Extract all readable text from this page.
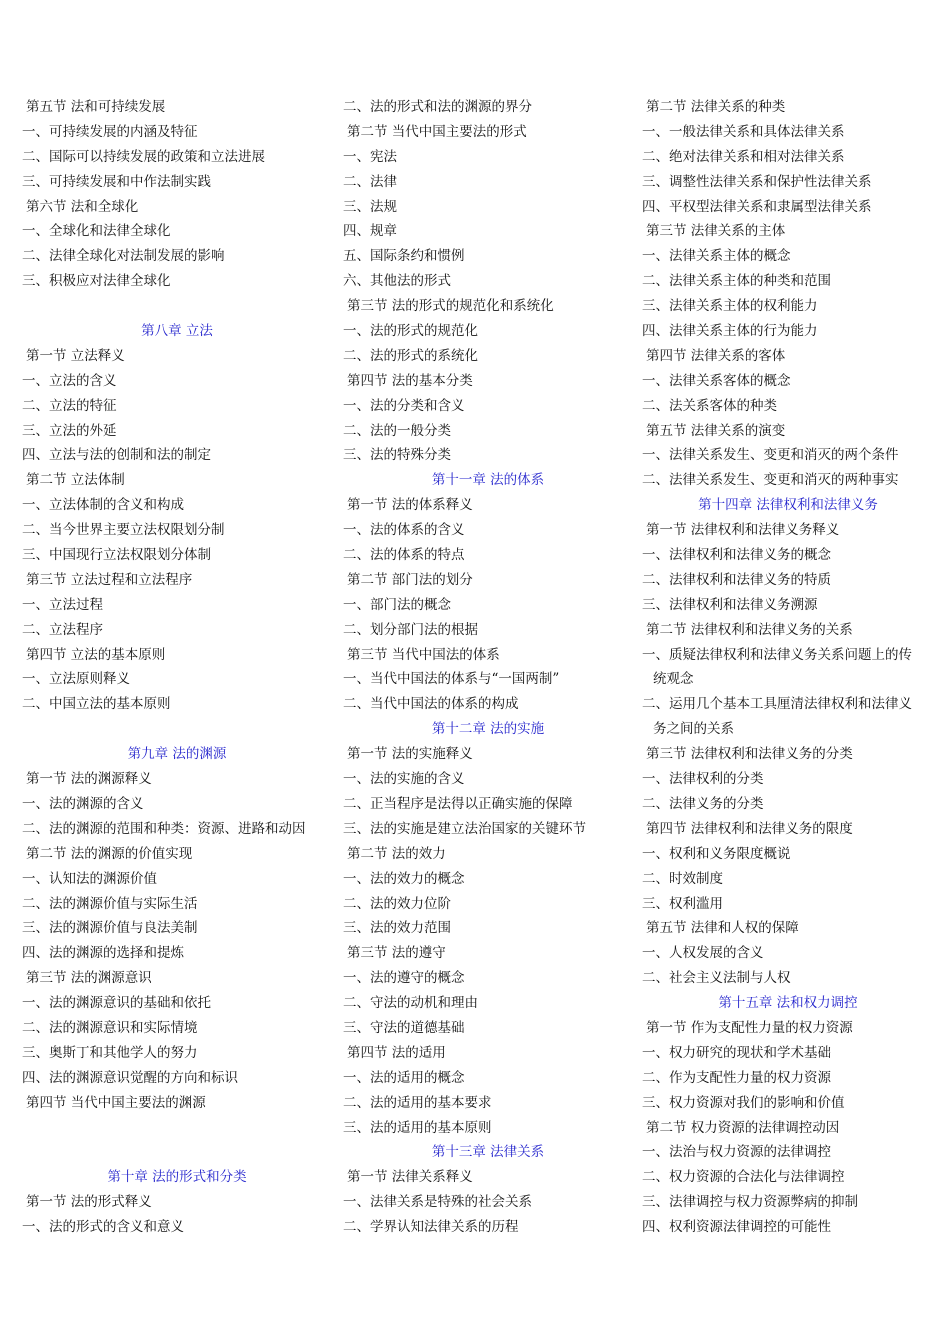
第五节 法和可持续发展
一、可持续发展的内涵及特征
二、国际可以持续发展的政策和立法进展
三、可持续发展和中作法制实践
第六节 法和全球化
一、全球化和法律全球化
二、法律全球化对法制发展的影响
三、积极应对法律全球化
第八章 立法
第一节 立法释义
一、立法的含义
二、立法的特征
三、立法的外延
四、立法与法的创制和法的制定
第二节 立法体制
一、立法体制的含义和构成
二、当今世界主要立法权限划分制
三、中国现行立法权限划分体制
第三节 立法过程和立法程序
一、立法过程
二、立法程序
第四节 立法的基本原则
一、立法原则释义
二、中国立法的基本原则
第九章 法的渊源
第一节 法的渊源释义
一、法的渊源的含义
二、法的渊源的范围和种类：资源、进路和动因
第二节 法的渊源的价值实现
一、认知法的渊源价值
二、法的渊源价值与实际生活
三、法的渊源价值与良法美制
四、法的渊源的选择和提炼
第三节 法的渊源意识
一、法的渊源意识的基础和依托
二、法的渊源意识和实际情境
三、奥斯丁和其他学人的努力
四、法的渊源意识觉醒的方向和标识
第四节 当代中国主要法的渊源
第十章 法的形式和分类
第一节 法的形式释义
一、法的形式的含义和意义
二、法的形式和法的渊源的界分
第二节 当代中国主要法的形式
一、宪法
二、法律
三、法规
四、规章
五、国际条约和惯例
六、其他法的形式
第三节 法的形式的规范化和系统化
一、法的形式的规范化
二、法的形式的系统化
第四节 法的基本分类
一、法的分类和含义
二、法的一般分类
三、法的特殊分类
第十一章 法的体系
第一节 法的体系释义
一、法的体系的含义
二、法的体系的特点
第二节 部门法的划分
一、部门法的概念
二、划分部门法的根据
第三节 当代中国法的体系
一、当代中国法的体系与“一国两制”
二、当代中国法的体系的构成
第十二章 法的实施
第一节 法的实施释义
一、法的实施的含义
二、正当程序是法得以正确实施的保障
三、法的实施是建立法治国家的关键环节
第二节 法的效力
一、法的效力的概念
二、法的效力位阶
三、法的效力范围
第三节 法的遵守
一、法的遵守的概念
二、守法的动机和理由
三、守法的道德基础
第四节 法的适用
一、法的适用的概念
二、法的适用的基本要求
三、法的适用的基本原则
第十三章 法律关系
第一节 法律关系释义
一、法律关系是特殊的社会关系
二、学界认知法律关系的历程
第二节 法律关系的种类
一、一般法律关系和具体法律关系
二、绝对法律关系和相对法律关系
三、调整性法律关系和保护性法律关系
四、平权型法律关系和隶属型法律关系
第三节 法律关系的主体
一、法律关系主体的概念
二、法律关系主体的种类和范围
三、法律关系主体的权利能力
四、法律关系主体的行为能力
第四节 法律关系的客体
一、法律关系客体的概念
二、法关系客体的种类
第五节 法律关系的演变
一、法律关系发生、变更和消灭的两个条件
二、法律关系发生、变更和消灭的两种事实
第十四章 法律权利和法律义务
第一节 法律权利和法律义务释义
一、法律权利和法律义务的概念
二、法律权利和法律义务的特质
三、法律权利和法律义务溯源
第二节 法律权利和法律义务的关系
一、质疑法律权利和法律义务关系问题上的传
统观念
二、运用几个基本工具厘清法律权利和法律义
务之间的关系
第三节 法律权利和法律义务的分类
一、法律权利的分类
二、法律义务的分类
第四节 法律权利和法律义务的限度
一、权利和义务限度概说
二、时效制度
三、权利滥用
第五节 法律和人权的保障
一、人权发展的含义
二、社会主义法制与人权
第十五章 法和权力调控
第一节 作为支配性力量的权力资源
一、权力研究的现状和学术基础
二、作为支配性力量的权力资源
三、权力资源对我们的影响和价值
第二节 权力资源的法律调控动因
一、法治与权力资源的法律调控
二、权力资源的合法化与法律调控
三、法律调控与权力资源弊病的抑制
四、权利资源法律调控的可能性
